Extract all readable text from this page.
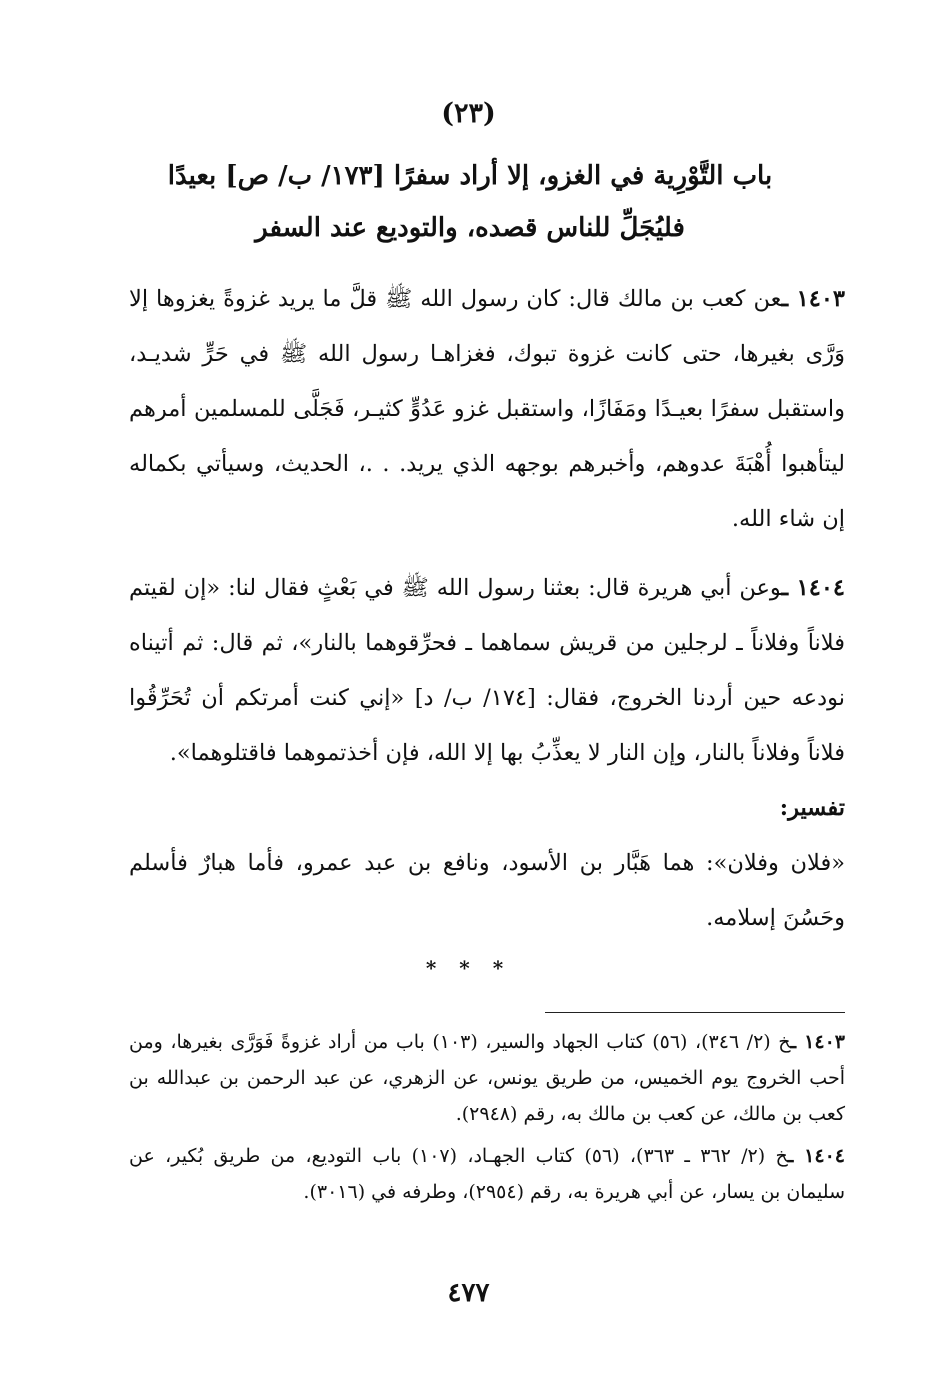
(٢٣)
باب التَّوْرِية في الغزو، إلا أراد سفرًا [١٧٣/ ب/ ص] بعيدًا
فليُجَلِّ للناس قصده، والتوديع عند السفر

١٤٠٣ ـعن كعب بن مالك قال: كان رسول الله ﷺ قلَّ ما يريد غزوةً يغزوها إلا وَرَّى بغيرها، حتى كانت غزوة تبوك، فغزاهـا رسول الله ﷺ في حَرٍّ شديـد، واستقبل سفرًا بعيـدًا ومَفَازًا، واستقبل غزو عَدُوٍّ كثيـر، فَجَلَّى للمسلمين أمرهم ليتأهبوا أُهْبَةَ عدوهم، وأخبرهم بوجهه الذي يريد. . .، الحديث، وسيأتي بكماله إن شاء الله.

١٤٠٤ ـوعن أبي هريرة قال: بعثنا رسول الله ﷺ في بَعْثٍ فقال لنا: «إن لقيتم فلاناً وفلاناً ـ لرجلين من قريش سماهما ـ فحرِّقوهما بالنار»، ثم قال: ثم أتيناه نودعه حين أردنا الخروج، فقال: [١٧٤/ ب/ د] «إني كنت أمرتكم أن تُحَرِّقُوا فلاناً وفلاناً بالنار، وإن النار لا يعذِّبُ بها إلا الله، فإن أخذتموهما فاقتلوهما».

تفسير:

«فلان وفلان»: هما هَبَّار بن الأسود، ونافع بن عبد عمرو، فأما هبارٌ فأسلم وحَسُنَ إسلامه.

* * *

١٤٠٣ ـخ (٢/ ٣٤٦)، (٥٦) كتاب الجهاد والسير، (١٠٣) باب من أراد غزوةً فَوَرَّى بغيرها، ومن أحب الخروج يوم الخميس، من طريق يونس، عن الزهري، عن عبد الرحمن بن عبدالله بن كعب بن مالك، عن كعب بن مالك به، رقم (٢٩٤٨).

١٤٠٤ ـخ (٢/ ٣٦٢ ـ ٣٦٣)، (٥٦) كتاب الجهـاد، (١٠٧) باب التوديع، من طريق بُكير، عن سليمان بن يسار، عن أبي هريرة به، رقم (٢٩٥٤)، وطرفه في (٣٠١٦).

٤٧٧
